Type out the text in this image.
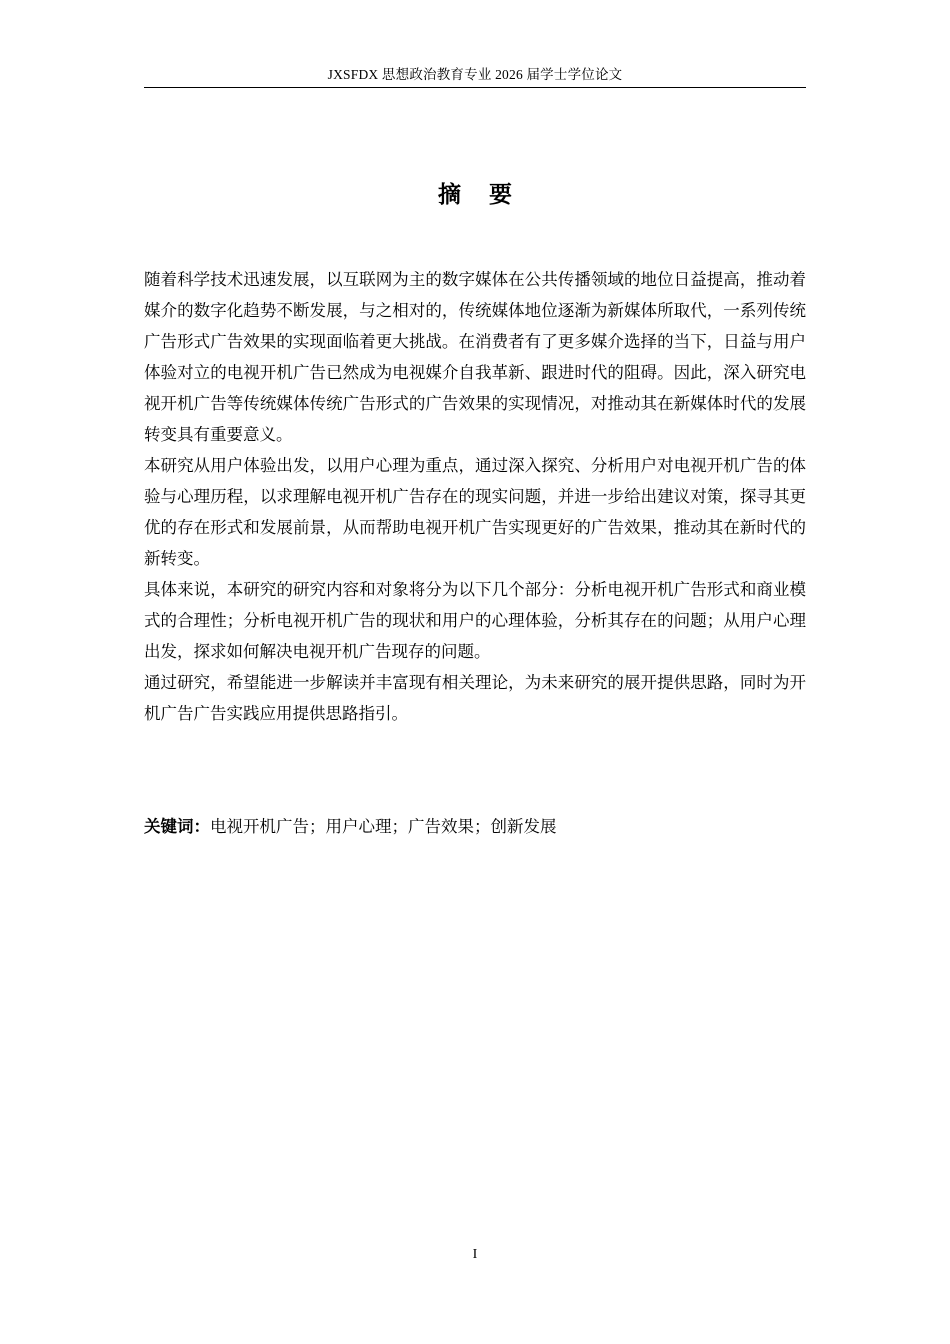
JXSFDX 思想政治教育专业 2026 届学士学位论文
摘要

随着科学技术迅速发展，以互联网为主的数字媒体在公共传播领域的地位日益提高，推动着媒介的数字化趋势不断发展，与之相对的，传统媒体地位逐渐为新媒体所取代，一系列传统广告形式广告效果的实现面临着更大挑战。在消费者有了更多媒介选择的当下，日益与用户体验对立的电视开机广告已然成为电视媒介自我革新、跟进时代的阻碍。因此，深入研究电视开机广告等传统媒体传统广告形式的广告效果的实现情况，对推动其在新媒体时代的发展转变具有重要意义。

本研究从用户体验出发，以用户心理为重点，通过深入探究、分析用户对电视开机广告的体验与心理历程，以求理解电视开机广告存在的现实问题，并进一步给出建议对策，探寻其更优的存在形式和发展前景，从而帮助电视开机广告实现更好的广告效果，推动其在新时代的新转变。

具体来说，本研究的研究内容和对象将分为以下几个部分：分析电视开机广告形式和商业模式的合理性；分析电视开机广告的现状和用户的心理体验，分析其存在的问题；从用户心理出发，探求如何解决电视开机广告现存的问题。

通过研究，希望能进一步解读并丰富现有相关理论，为未来研究的展开提供思路，同时为开机广告广告实践应用提供思路指引。

关键词：电视开机广告；用户心理；广告效果；创新发展
I
